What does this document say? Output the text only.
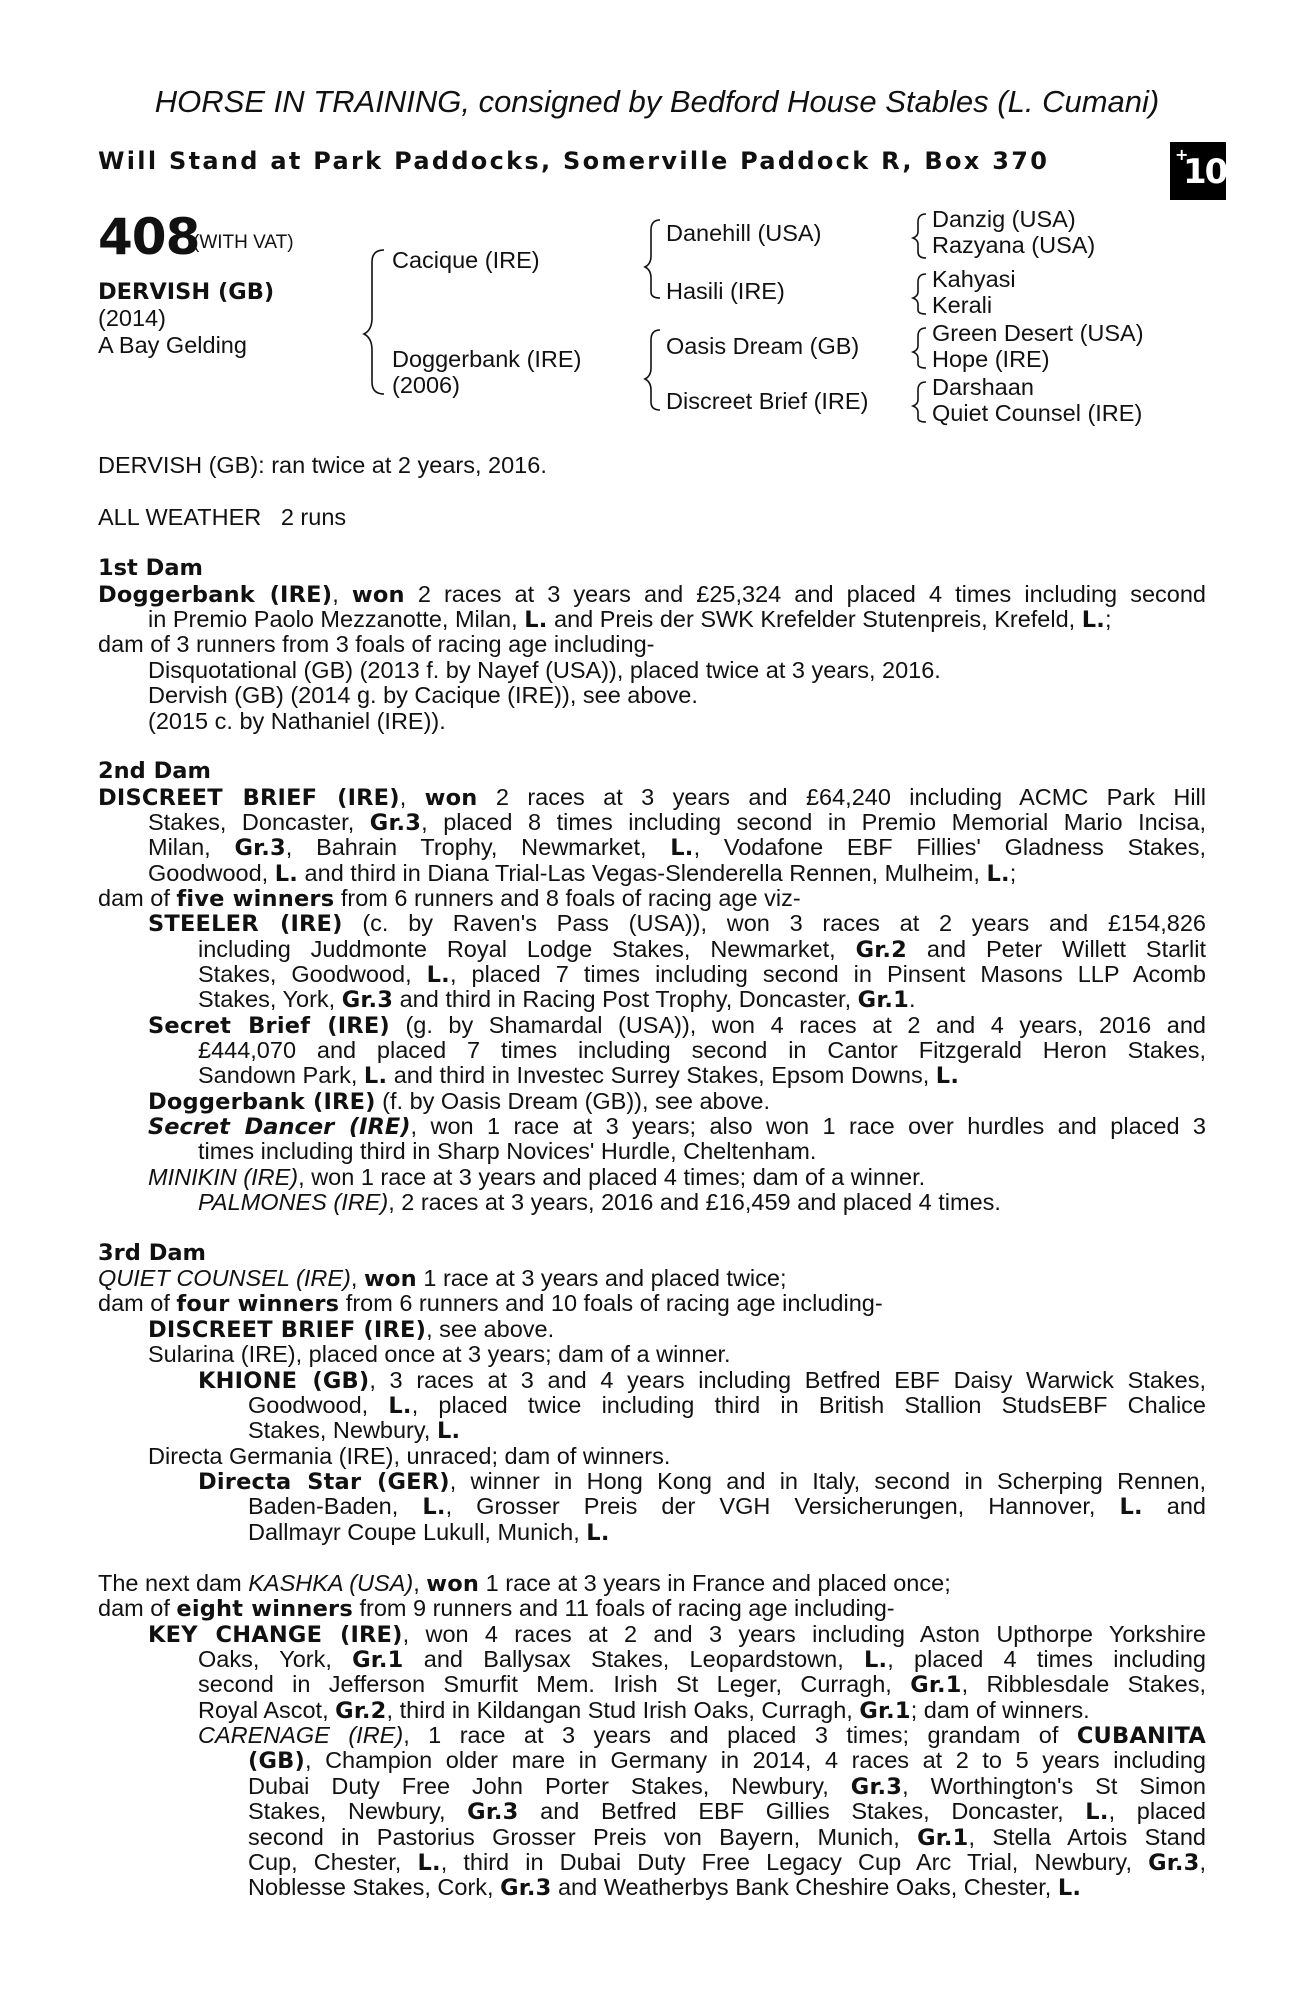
HORSE IN TRAINING, consigned by Bedford House Stables (L. Cumani)
Will Stand at Park Paddocks, Somerville Paddock R, Box 370	+
10
408
(WITH VAT)
DERVISH (GB)
(2014)
A Bay Gelding
Cacique (IRE)
Doggerbank (IRE)
(2006)
Danehill (USA)
Hasili (IRE)
Oasis Dream (GB)
Discreet Brief (IRE)
Danzig (USA)
Razyana (USA)
Kahyasi
Kerali
Green Desert (USA)
Hope (IRE)
Darshaan
Quiet Counsel (IRE)
DERVISH (GB): ran twice at 2 years, 2016.
ALL WEATHER 2 runs
1st Dam
Doggerbank (IRE), won 2 races at 3 years and £25,324 and placed 4 times including second
in Premio Paolo Mezzanotte, Milan, L. and Preis der SWK Krefelder Stutenpreis, Krefeld, L.;
dam of 3 runners from 3 foals of racing age including-
Disquotational (GB) (2013 f. by Nayef (USA)), placed twice at 3 years, 2016.
Dervish (GB) (2014 g. by Cacique (IRE)), see above.
(2015 c. by Nathaniel (IRE)).
2nd Dam
DISCREET BRIEF (IRE), won 2 races at 3 years and £64,240 including ACMC Park Hill
Stakes, Doncaster, Gr.3, placed 8 times including second in Premio Memorial Mario Incisa,
Milan, Gr.3, Bahrain Trophy, Newmarket, L., Vodafone EBF Fillies' Gladness Stakes,
Goodwood, L. and third in Diana Trial-Las Vegas-Slenderella Rennen, Mulheim, L.;
dam of five winners from 6 runners and 8 foals of racing age viz-
STEELER (IRE) (c. by Raven's Pass (USA)), won 3 races at 2 years and £154,826
including Juddmonte Royal Lodge Stakes, Newmarket, Gr.2 and Peter Willett Starlit
Stakes, Goodwood, L., placed 7 times including second in Pinsent Masons LLP Acomb
Stakes, York, Gr.3 and third in Racing Post Trophy, Doncaster, Gr.1.
Secret Brief (IRE) (g. by Shamardal (USA)), won 4 races at 2 and 4 years, 2016 and
£444,070 and placed 7 times including second in Cantor Fitzgerald Heron Stakes,
Sandown Park, L. and third in Investec Surrey Stakes, Epsom Downs, L.
Doggerbank (IRE) (f. by Oasis Dream (GB)), see above.
Secret Dancer (IRE), won 1 race at 3 years; also won 1 race over hurdles and placed 3
times including third in Sharp Novices' Hurdle, Cheltenham.
MINIKIN (IRE), won 1 race at 3 years and placed 4 times; dam of a winner.
PALMONES (IRE), 2 races at 3 years, 2016 and £16,459 and placed 4 times.
3rd Dam
QUIET COUNSEL (IRE), won 1 race at 3 years and placed twice;
dam of four winners from 6 runners and 10 foals of racing age including-
DISCREET BRIEF (IRE), see above.
Sularina (IRE), placed once at 3 years; dam of a winner.
KHIONE (GB), 3 races at 3 and 4 years including Betfred EBF Daisy Warwick Stakes,
Goodwood, L., placed twice including third in British Stallion StudsEBF Chalice
Stakes, Newbury, L.
Directa Germania (IRE), unraced; dam of winners.
Directa Star (GER), winner in Hong Kong and in Italy, second in Scherping Rennen,
Baden-Baden, L., Grosser Preis der VGH Versicherungen, Hannover, L. and
Dallmayr Coupe Lukull, Munich, L.
The next dam KASHKA (USA), won 1 race at 3 years in France and placed once;
dam of eight winners from 9 runners and 11 foals of racing age including-
KEY CHANGE (IRE), won 4 races at 2 and 3 years including Aston Upthorpe Yorkshire
Oaks, York, Gr.1 and Ballysax Stakes, Leopardstown, L., placed 4 times including
second in Jefferson Smurfit Mem. Irish St Leger, Curragh, Gr.1, Ribblesdale Stakes,
Royal Ascot, Gr.2, third in Kildangan Stud Irish Oaks, Curragh, Gr.1; dam of winners.
CARENAGE (IRE), 1 race at 3 years and placed 3 times; grandam of CUBANITA
(GB), Champion older mare in Germany in 2014, 4 races at 2 to 5 years including
Dubai Duty Free John Porter Stakes, Newbury, Gr.3, Worthington's St Simon
Stakes, Newbury, Gr.3 and Betfred EBF Gillies Stakes, Doncaster, L., placed
second in Pastorius Grosser Preis von Bayern, Munich, Gr.1, Stella Artois Stand
Cup, Chester, L., third in Dubai Duty Free Legacy Cup Arc Trial, Newbury, Gr.3,
Noblesse Stakes, Cork, Gr.3 and Weatherbys Bank Cheshire Oaks, Chester, L.
